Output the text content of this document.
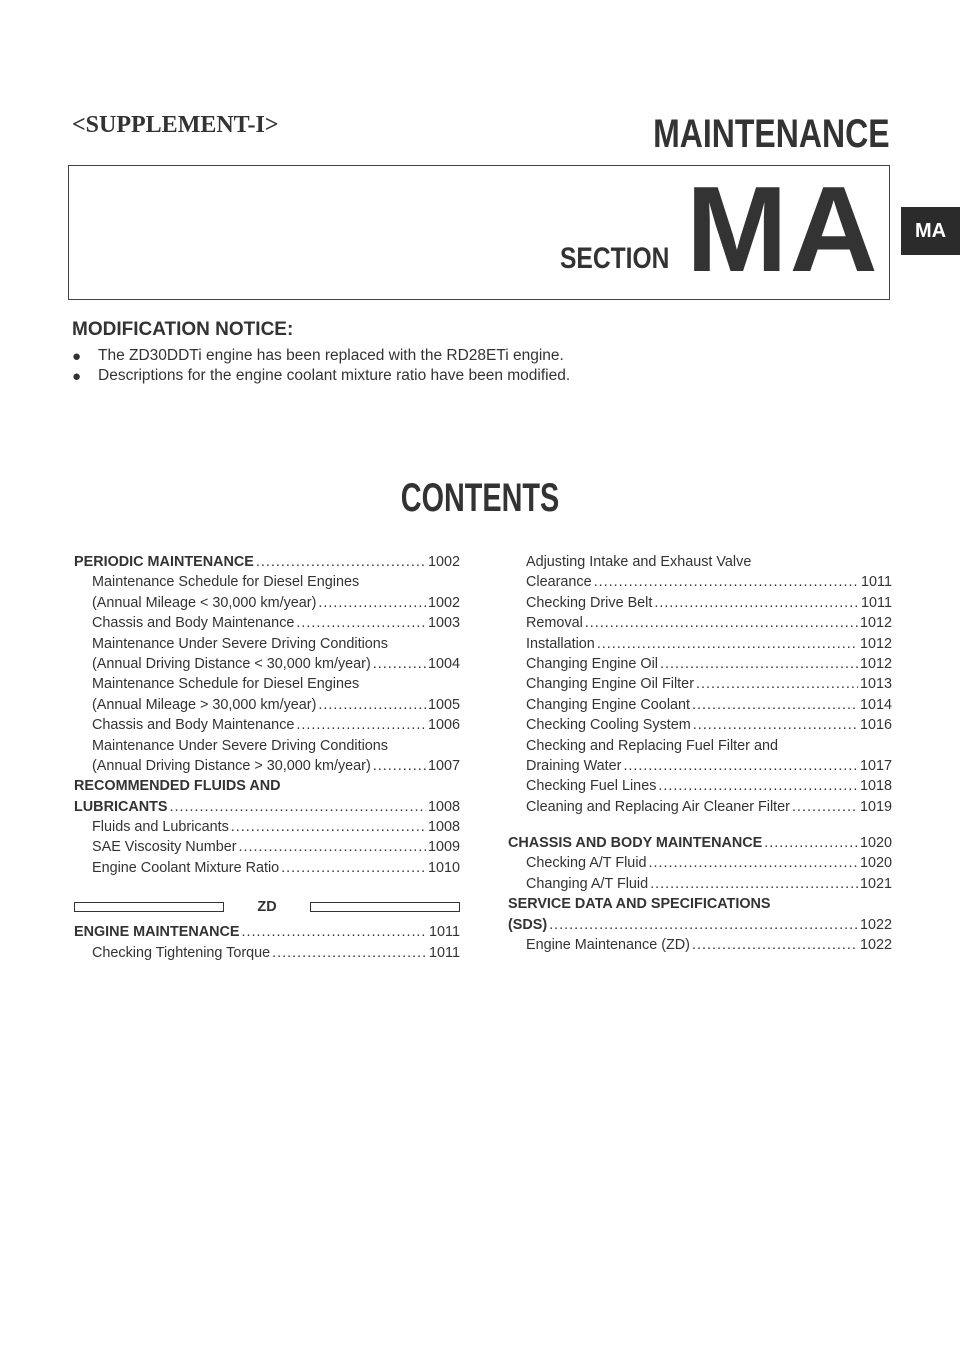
<SUPPLEMENT-I>	MAINTENANCE
SECTION MA	MA
MODIFICATION NOTICE:
●	The ZD30DDTi engine has been replaced with the RD28ETi engine.
●	Descriptions for the engine coolant mixture ratio have been modified.
CONTENTS
PERIODIC MAINTENANCE .....	1002
Maintenance Schedule for Diesel Engines
(Annual Mileage < 30,000 km/year) .....	1002
Chassis and Body Maintenance .....	1003
Maintenance Under Severe Driving Conditions
(Annual Driving Distance < 30,000 km/year) .....	1004
Maintenance Schedule for Diesel Engines
(Annual Mileage > 30,000 km/year) .....	1005
Chassis and Body Maintenance .....	1006
Maintenance Under Severe Driving Conditions
(Annual Driving Distance > 30,000 km/year) .....	1007
RECOMMENDED FLUIDS AND
LUBRICANTS .....	1008
Fluids and Lubricants .....	1008
SAE Viscosity Number .....	1009
Engine Coolant Mixture Ratio .....	1010
ZD
ENGINE MAINTENANCE .....	1011
Checking Tightening Torque .....	1011
Adjusting Intake and Exhaust Valve
Clearance .....	1011
Checking Drive Belt .....	1011
Removal .....	1012
Installation .....	1012
Changing Engine Oil .....	1012
Changing Engine Oil Filter .....	1013
Changing Engine Coolant .....	1014
Checking Cooling System .....	1016
Checking and Replacing Fuel Filter and
Draining Water .....	1017
Checking Fuel Lines .....	1018
Cleaning and Replacing Air Cleaner Filter .....	1019
CHASSIS AND BODY MAINTENANCE .....	1020
Checking A/T Fluid .....	1020
Changing A/T Fluid .....	1021
SERVICE DATA AND SPECIFICATIONS
(SDS) .....	1022
Engine Maintenance (ZD) .....	1022
